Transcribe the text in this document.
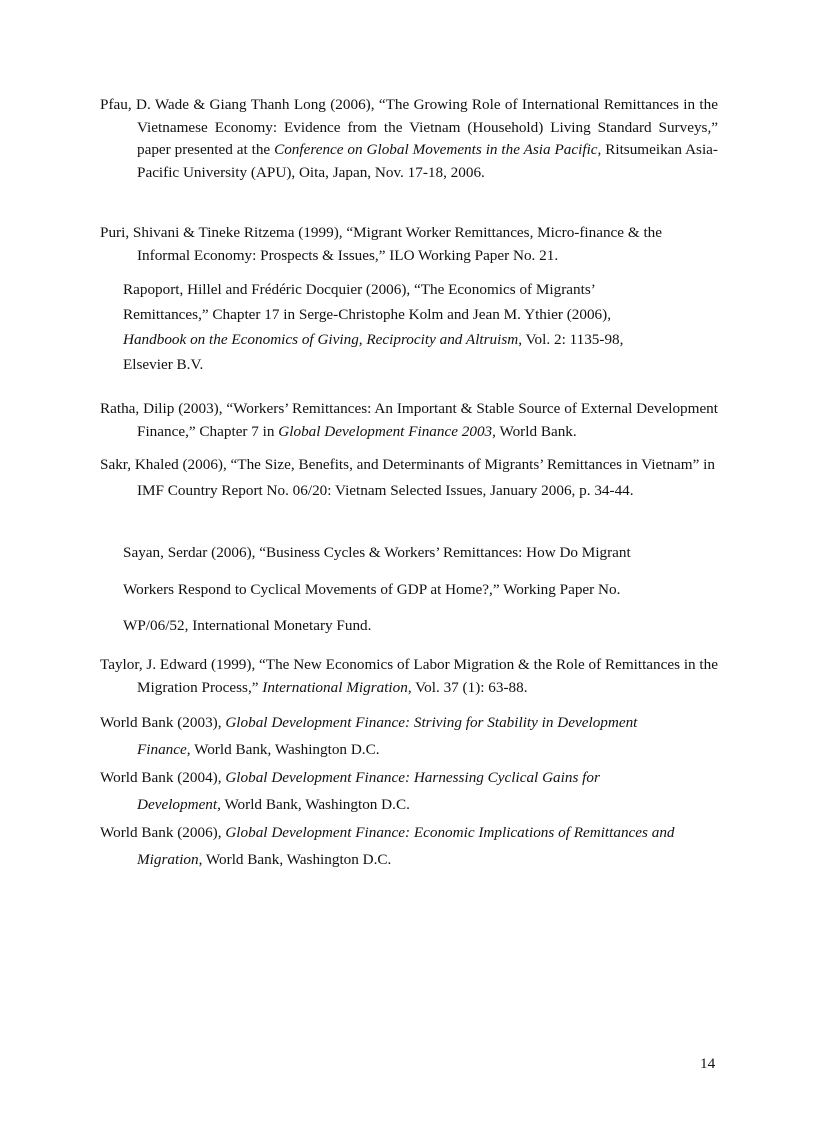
Pfau, D. Wade & Giang Thanh Long (2006), “The Growing Role of International Remittances in the Vietnamese Economy: Evidence from the Vietnam (Household) Living Standard Surveys,” paper presented at the Conference on Global Movements in the Asia Pacific, Ritsumeikan Asia-Pacific University (APU), Oita, Japan, Nov. 17-18, 2006.

Puri, Shivani & Tineke Ritzema (1999), “Migrant Worker Remittances, Micro-finance & the Informal Economy: Prospects & Issues,” ILO Working Paper No. 21.

Rapoport, Hillel and Frédéric Docquier (2006), “The Economics of Migrants’

Remittances,” Chapter 17 in Serge-Christophe Kolm and Jean M. Ythier (2006),

Handbook on the Economics of Giving, Reciprocity and Altruism, Vol. 2: 1135-98,

Elsevier B.V.

Ratha, Dilip (2003), “Workers’ Remittances: An Important & Stable Source of External Development Finance,” Chapter 7 in Global Development Finance 2003, World Bank.

Sakr, Khaled (2006), “The Size, Benefits, and Determinants of Migrants’ Remittances in Vietnam” in IMF Country Report No. 06/20: Vietnam Selected Issues, January 2006, p. 34-44.

Sayan, Serdar (2006), “Business Cycles & Workers’ Remittances: How Do Migrant

Workers Respond to Cyclical Movements of GDP at Home?,” Working Paper No.

WP/06/52, International Monetary Fund.

Taylor, J. Edward (1999), “The New Economics of Labor Migration & the Role of Remittances in the Migration Process,” International Migration, Vol. 37 (1): 63-88.

World Bank (2003), Global Development Finance: Striving for Stability in Development Finance, World Bank, Washington D.C.

World Bank (2004), Global Development Finance: Harnessing Cyclical Gains for Development, World Bank, Washington D.C.

World Bank (2006), Global Development Finance: Economic Implications of Remittances and Migration, World Bank, Washington D.C.

14
